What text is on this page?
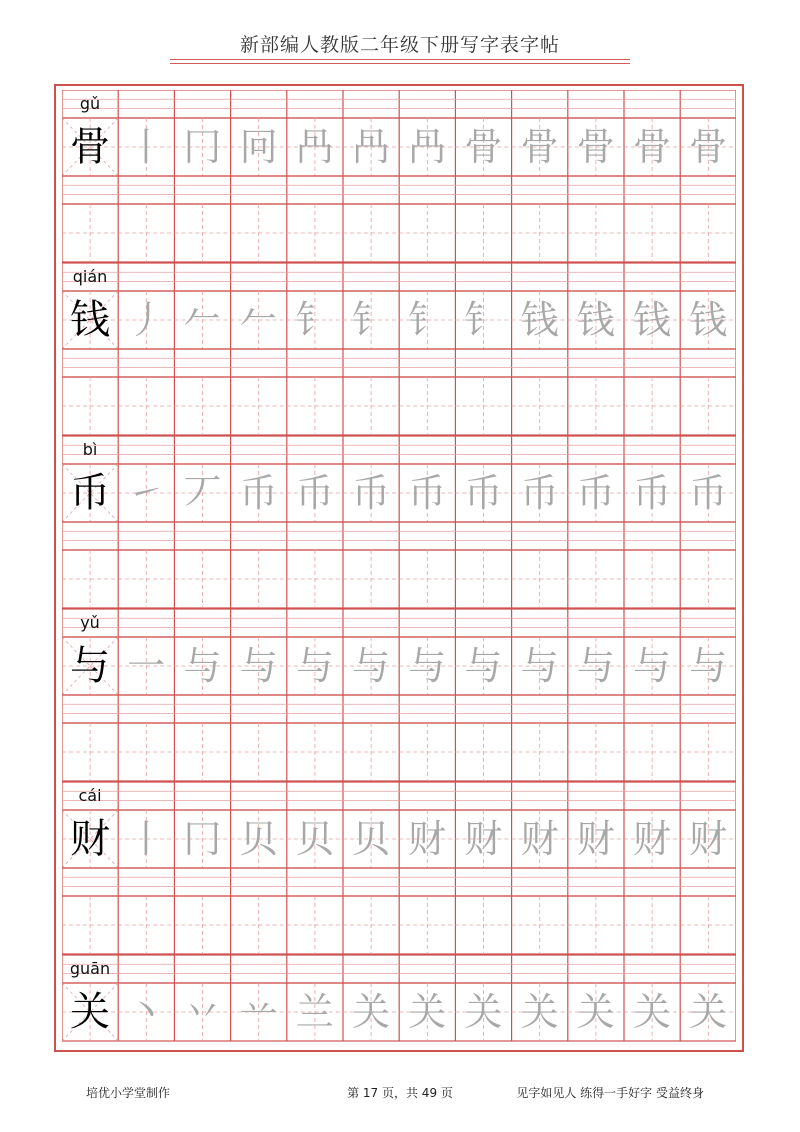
新部编人教版二年级下册写字表字帖
gǔ
骨 丨 冂 冋 冎 冎 冎 骨 骨 骨 骨 骨
qián
钱 丿 𠂉 𠂉 钅 钅 钅 钅 钱 钱 钱 钱
bì
币 ㇀ 丆 币 币 币 币 币 币 币 币 币
yǔ
与 一 与 与 与 与 与 与 与 与 与 与
cái
财 丨 冂 贝 贝 贝 财 财 财 财 财 财
guān
关 丶 丷 䒑 兰 关 关 关 关 关 关 关
培优小学堂制作	第 17 页，共 49 页	见字如见人 练得一手好字 受益终身
